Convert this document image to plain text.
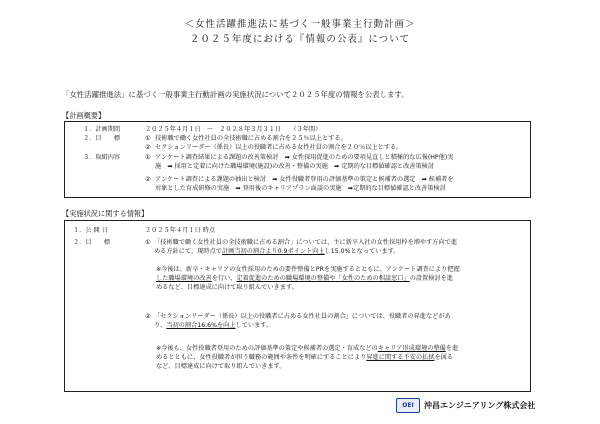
＜女性活躍推進法に基づく一般事業主行動計画＞
２０２５年度における『情報の公表』について
「女性活躍推進法」に基づく一般事業主行動計画の実施状況について２０２５年度の情報を公表します。
【計画概要】
１．計画期間	２０２５年４月１日　～　２０２８年３月３１日　　（３年間）
２．目　　標	① 技術職で働く女性社員の全技術職に占める割合を２５％以上とする。
② セクションリーダー（係長）以上の役職者に占める女性社員の割合を２０％以上とする。
３．取組内容	① アンケート調査結果による課題の改善策検討　➡ 女性採用促進のための要項見直しと積極的な広報(HP他)実
施　➡ 採用と定着に向けた職場環境(施設)の改善・整備の実施　➡ 定期的な目標値確認と改善策検討
② アンケート調査による課題の抽出と検討　➡ 女性役職者登用の評価基準の策定と候補者の選定　➡ 候補者を
対象とした育成研修の実施　➡ 登用後のキャリアプラン面談の実施　➡定期的な目標値確認と改善策検討
【実施状況に関する情報】
１．公 開 日	２０２５年４月１日 時点
２．目　　標	① 「技術職で働く女性社員の全技術職に占める割合」については、主に新卒入社の女性採用枠を増やす方向で進
める方針にて、現時点で計画当初の割合より0.9ポイント向上し15.0%となっています。
※今後は、新卒・キャリアの女性採用のための要件整備とPRを実施するとともに、アンケート調査により把握
した職場環境の改善を行い、定着促進のための職場環境の整備や「女性のための相談窓口」の設置検討を進
めるなど、目標達成に向けて取り組んでいきます。
② 「セクションリーダー（係長）以上の役職者に占める女性社員の割合」については、役職者の昇進などがあ
り、当初の割合16.6%を向上しています。
※今後も、女性役職者登用のための評価基準の策定や候補者の選定・育成などのキャリア形成環境の整備を進
めるとともに、女性役職者が担う職務の範囲や条件を明確にすることにより昇進に関する不安の払拭を図る
など、目標達成に向けて取り組んでいきます。
OEI	沖昌エンジニアリング株式会社
